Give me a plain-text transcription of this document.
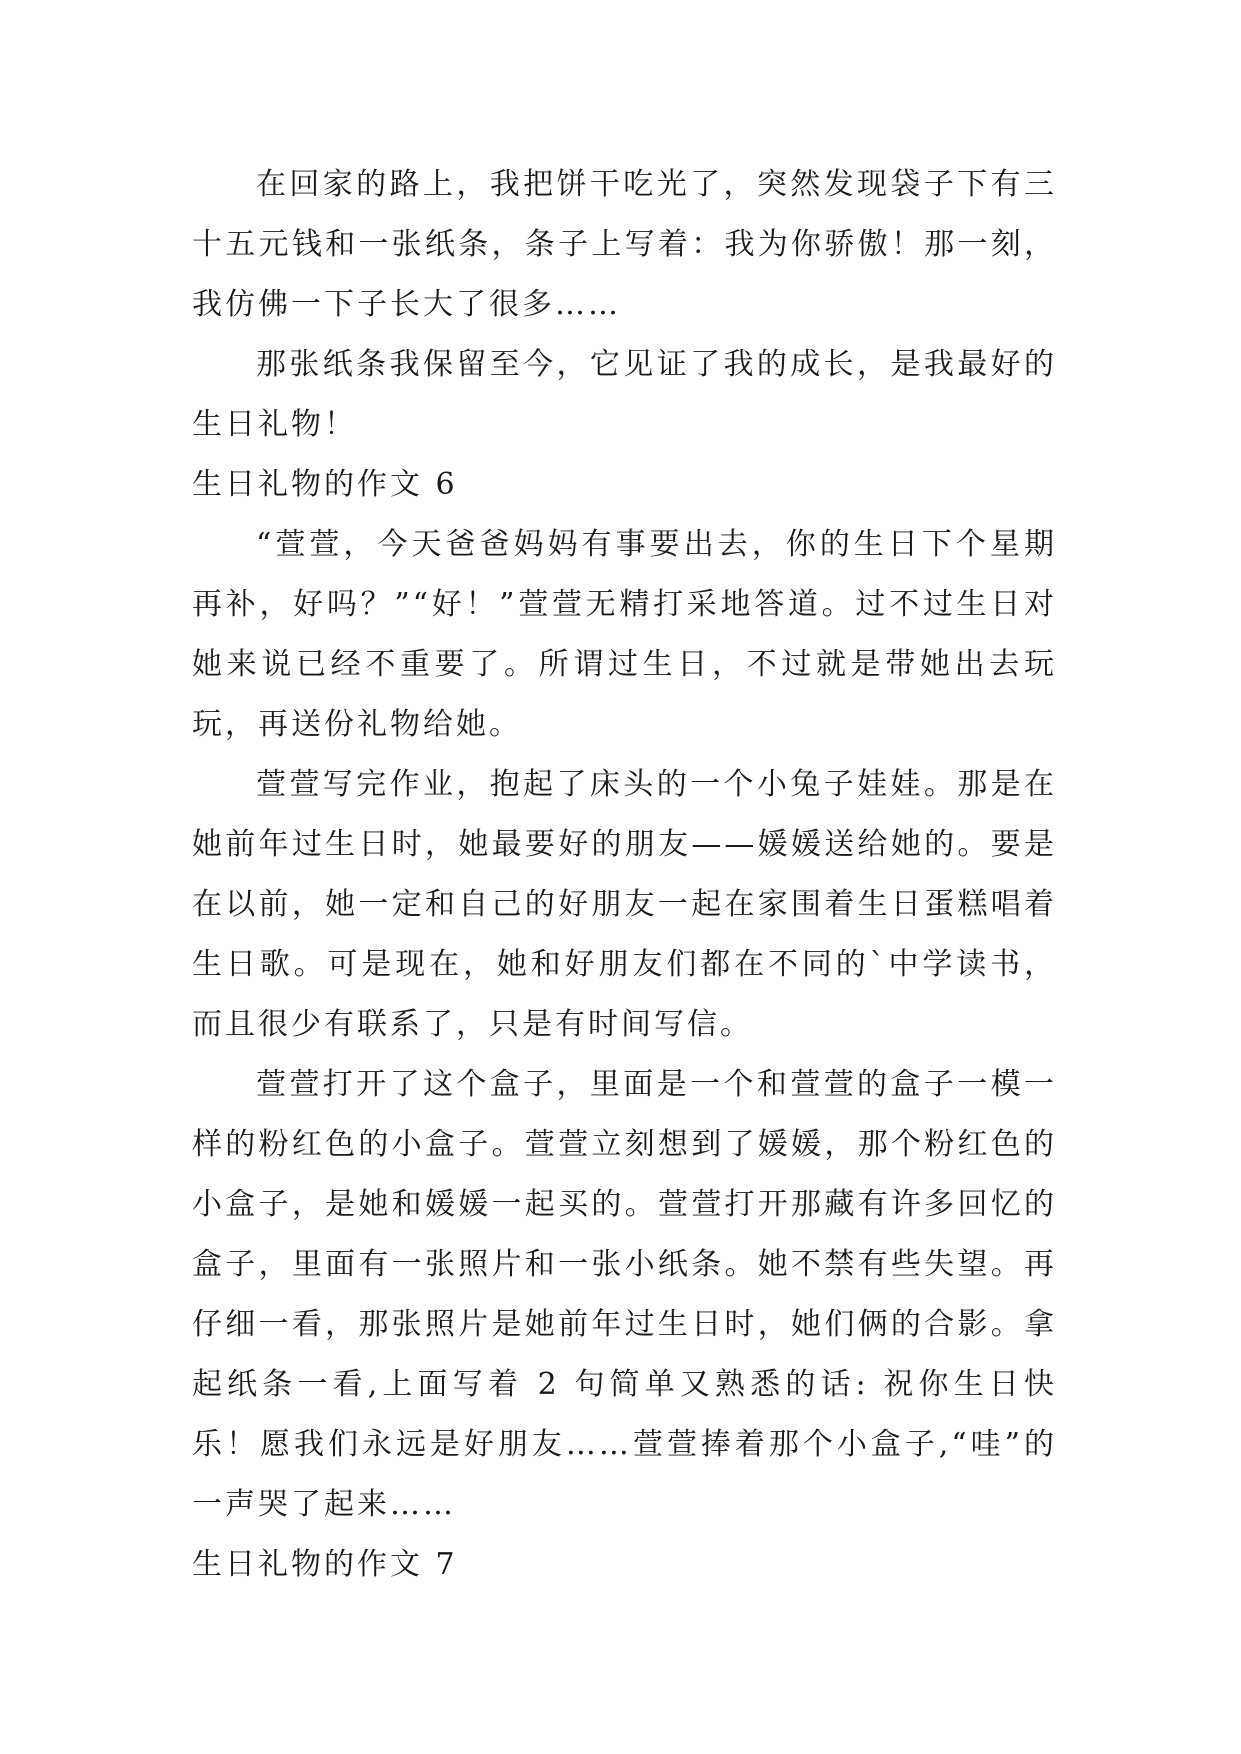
在回家的路上，我把饼干吃光了，突然发现袋子下有三十五元钱和一张纸条，条子上写着：我为你骄傲！那一刻，我仿佛一下子长大了很多……

那张纸条我保留至今，它见证了我的成长，是我最好的生日礼物！

生日礼物的作文 6

“萱萱，今天爸爸妈妈有事要出去，你的生日下个星期再补，好吗？”“好！”萱萱无精打采地答道。过不过生日对她来说已经不重要了。所谓过生日，不过就是带她出去玩玩，再送份礼物给她。

萱萱写完作业，抱起了床头的一个小兔子娃娃。那是在她前年过生日时，她最要好的朋友——媛媛送给她的。要是在以前，她一定和自己的好朋友一起在家围着生日蛋糕唱着生日歌。可是现在，她和好朋友们都在不同的`中学读书，而且很少有联系了，只是有时间写信。

萱萱打开了这个盒子，里面是一个和萱萱的盒子一模一样的粉红色的小盒子。萱萱立刻想到了媛媛，那个粉红色的小盒子，是她和媛媛一起买的。萱萱打开那藏有许多回忆的盒子，里面有一张照片和一张小纸条。她不禁有些失望。再仔细一看，那张照片是她前年过生日时，她们俩的合影。拿起纸条一看,上面写着 2 句简单又熟悉的话: 祝你生日快乐！愿我们永远是好朋友……萱萱捧着那个小盒子,“哇”的一声哭了起来……

生日礼物的作文 7
